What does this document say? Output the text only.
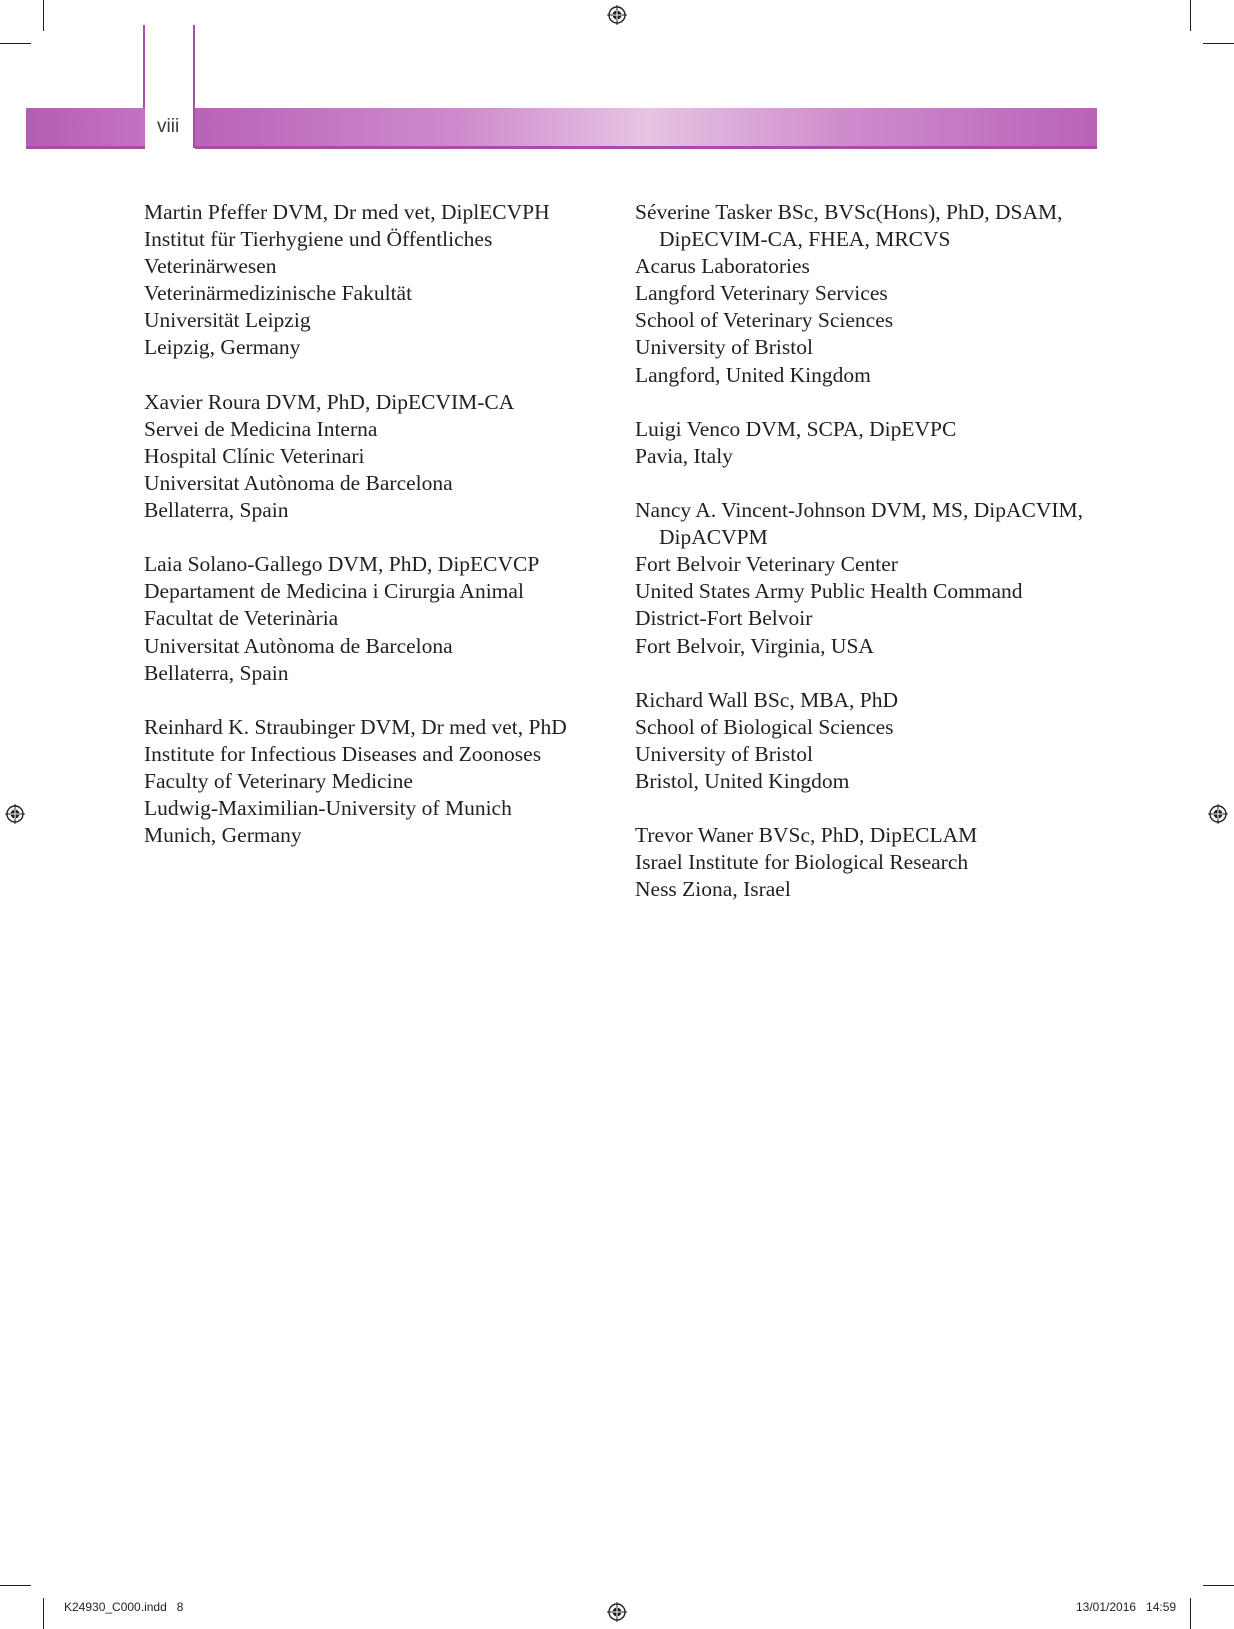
viii
Martin Pfeffer DVM, Dr med vet, DiplECVPH
Institut für Tierhygiene und Öffentliches
Veterinärwesen
Veterinärmedizinische Fakultät
Universität Leipzig
Leipzig, Germany
Xavier Roura DVM, PhD, DipECVIM-CA
Servei de Medicina Interna
Hospital Clínic Veterinari
Universitat Autònoma de Barcelona
Bellaterra, Spain
Laia Solano-Gallego DVM, PhD, DipECVCP
Departament de Medicina i Cirurgia Animal
Facultat de Veterinària
Universitat Autònoma de Barcelona
Bellaterra, Spain
Reinhard K. Straubinger DVM, Dr med vet, PhD
Institute for Infectious Diseases and Zoonoses
Faculty of Veterinary Medicine
Ludwig-Maximilian-University of Munich
Munich, Germany
Séverine Tasker BSc, BVSc(Hons), PhD, DSAM,
DipECVIM-CA, FHEA, MRCVS
Acarus Laboratories
Langford Veterinary Services
School of Veterinary Sciences
University of Bristol
Langford, United Kingdom
Luigi Venco DVM, SCPA, DipEVPC
Pavia, Italy
Nancy A. Vincent-Johnson DVM, MS, DipACVIM,
DipACVPM
Fort Belvoir Veterinary Center
United States Army Public Health Command
District-Fort Belvoir
Fort Belvoir, Virginia, USA
Richard Wall BSc, MBA, PhD
School of Biological Sciences
University of Bristol
Bristol, United Kingdom
Trevor Waner BVSc, PhD, DipECLAM
Israel Institute for Biological Research
Ness Ziona, Israel
K24930_C000.indd   8	13/01/2016   14:59
